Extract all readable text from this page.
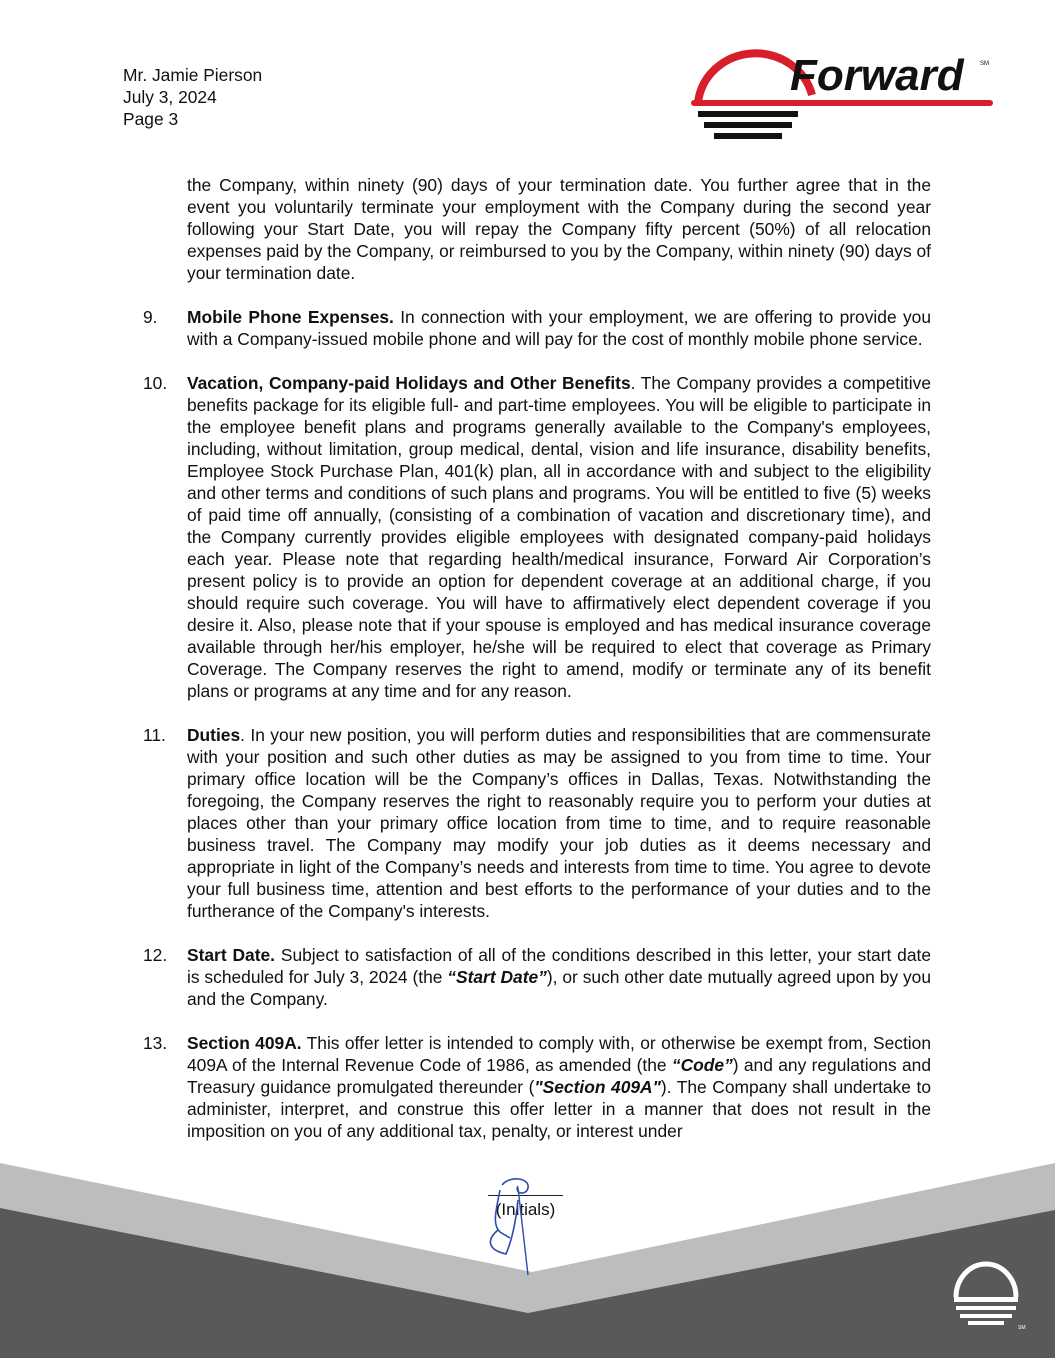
Mr. Jamie Pierson
July 3, 2024
Page 3
Forward	SM

the Company, within ninety (90) days of your termination date. You further agree that in the event you voluntarily terminate your employment with the Company during the second year following your Start Date, you will repay the Company fifty percent (50%) of all relocation expenses paid by the Company, or reimbursed to you by the Company, within ninety (90) days of your termination date.

9. Mobile Phone Expenses. In connection with your employment, we are offering to provide you with a Company-issued mobile phone and will pay for the cost of monthly mobile phone service.

10. Vacation, Company-paid Holidays and Other Benefits. The Company provides a competitive benefits package for its eligible full- and part-time employees. You will be eligible to participate in the employee benefit plans and programs generally available to the Company's employees, including, without limitation, group medical, dental, vision and life insurance, disability benefits, Employee Stock Purchase Plan, 401(k) plan, all in accordance with and subject to the eligibility and other terms and conditions of such plans and programs. You will be entitled to five (5) weeks of paid time off annually, (consisting of a combination of vacation and discretionary time), and the Company currently provides eligible employees with designated company-paid holidays each year. Please note that regarding health/medical insurance, Forward Air Corporation’s present policy is to provide an option for dependent coverage at an additional charge, if you should require such coverage. You will have to affirmatively elect dependent coverage if you desire it. Also, please note that if your spouse is employed and has medical insurance coverage available through her/his employer, he/she will be required to elect that coverage as Primary Coverage. The Company reserves the right to amend, modify or terminate any of its benefit plans or programs at any time and for any reason.

11. Duties. In your new position, you will perform duties and responsibilities that are commensurate with your position and such other duties as may be assigned to you from time to time. Your primary office location will be the Company’s offices in Dallas, Texas. Notwithstanding the foregoing, the Company reserves the right to reasonably require you to perform your duties at places other than your primary office location from time to time, and to require reasonable business travel. The Company may modify your job duties as it deems necessary and appropriate in light of the Company’s needs and interests from time to time. You agree to devote your full business time, attention and best efforts to the performance of your duties and to the furtherance of the Company's interests.

12. Start Date. Subject to satisfaction of all of the conditions described in this letter, your start date is scheduled for July 3, 2024 (the “Start Date”), or such other date mutually agreed upon by you and the Company.

13. Section 409A. This offer letter is intended to comply with, or otherwise be exempt from, Section 409A of the Internal Revenue Code of 1986, as amended (the “Code”) and any regulations and Treasury guidance promulgated thereunder ("Section 409A"). The Company shall undertake to administer, interpret, and construe this offer letter in a manner that does not result in the imposition on you of any additional tax, penalty, or interest under

(Initials)
SM
